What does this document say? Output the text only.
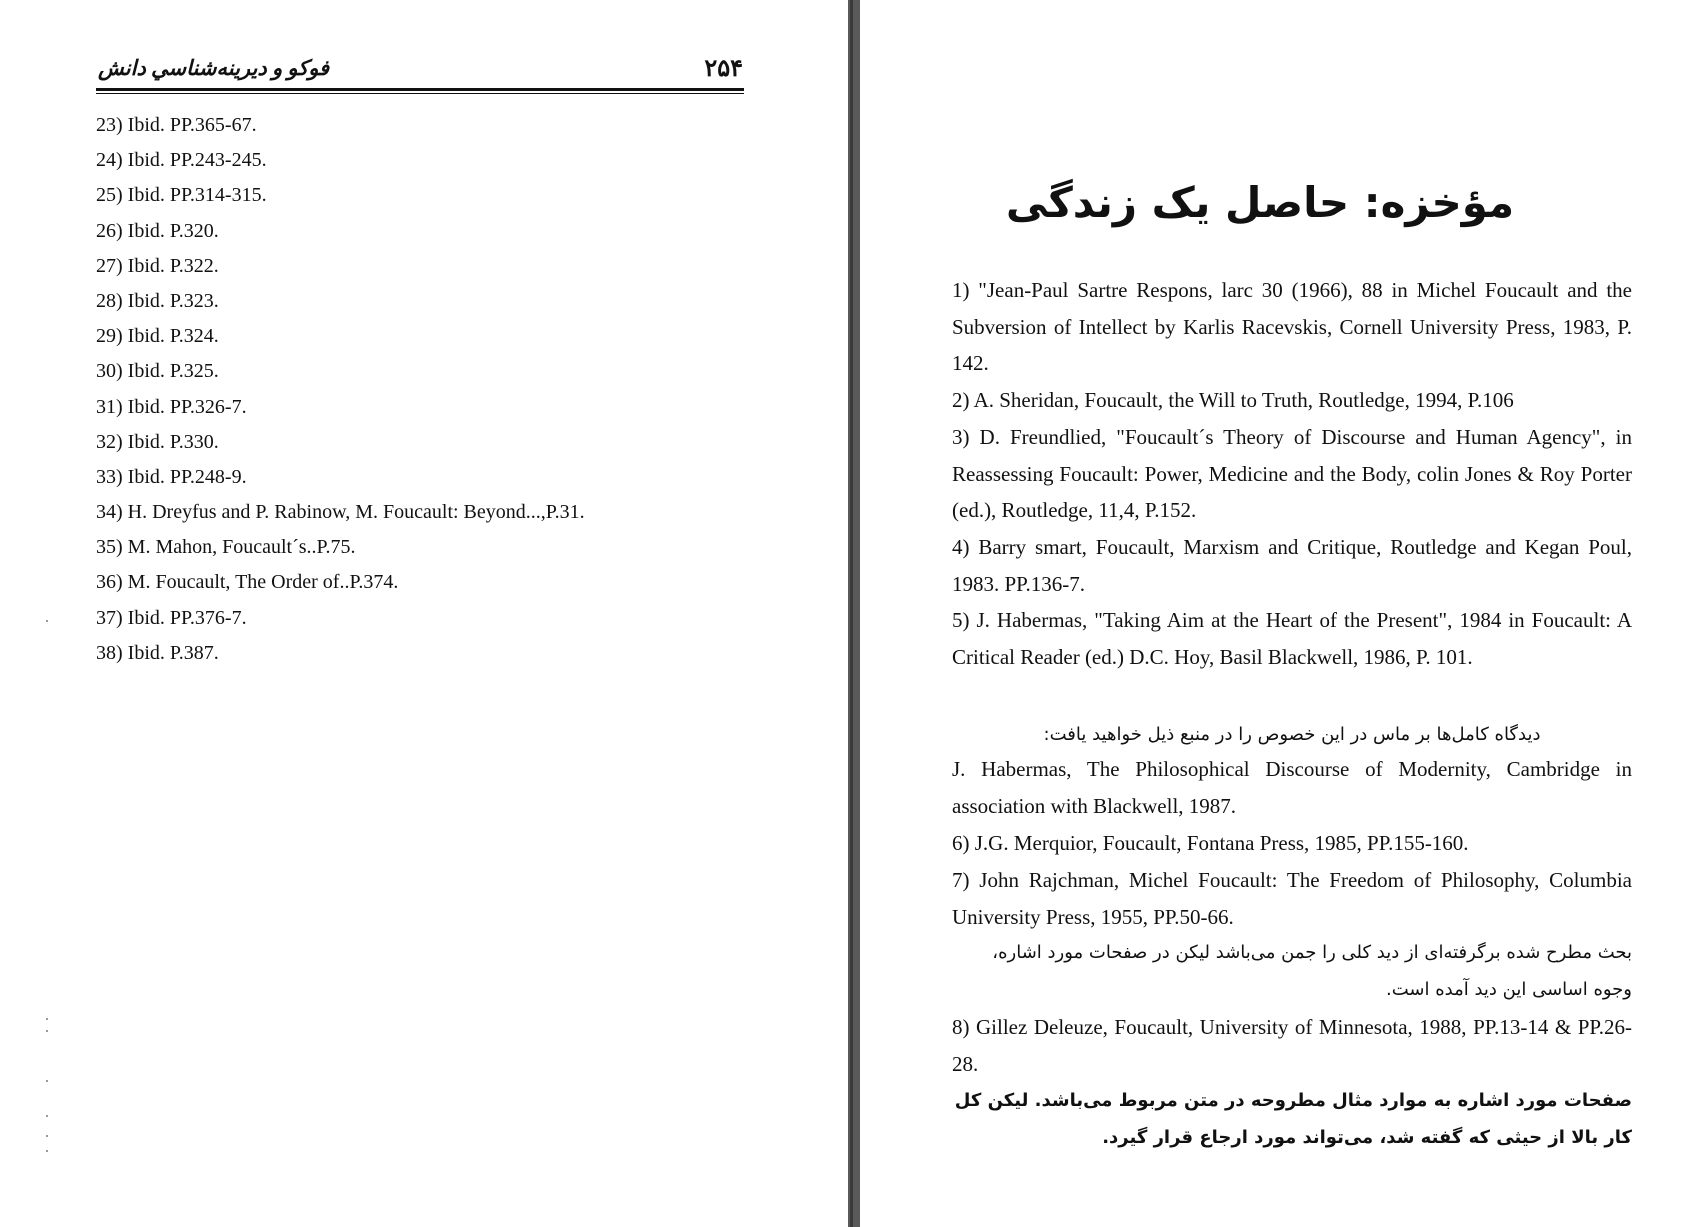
فوكو و ديرينه‌شناسي دانش	۲۵۴
23) Ibid. PP.365-67.
24) Ibid. PP.243-245.
25) Ibid. PP.314-315.
26) Ibid. P.320.
27) Ibid. P.322.
28) Ibid. P.323.
29) Ibid. P.324.
30) Ibid. P.325.
31) Ibid. PP.326-7.
32) Ibid. P.330.
33) Ibid. PP.248-9.
34) H. Dreyfus and P. Rabinow, M. Foucault: Beyond...,P.31.
35) M. Mahon, Foucault´s..P.75.
36) M. Foucault, The Order of..P.374.
37) Ibid. PP.376-7.
38) Ibid. P.387.
مؤخزه: حاصل یک زندگی
1) "Jean-Paul Sartre Respons, larc 30 (1966), 88 in Michel Foucault and the Subversion of Intellect by Karlis Racevskis, Cornell University Press, 1983, P. 142.
2) A. Sheridan, Foucault, the Will to Truth, Routledge, 1994, P.106
3) D. Freundlied, "Foucault´s Theory of Discourse and Human Agency", in Reassessing Foucault: Power, Medicine and the Body, colin Jones & Roy Porter (ed.), Routledge, 11,4, P.152.
4) Barry smart, Foucault, Marxism and Critique, Routledge and Kegan Poul, 1983. PP.136-7.
5) J. Habermas, "Taking Aim at the Heart of the Present", 1984 in Foucault: A Critical Reader (ed.) D.C. Hoy, Basil Blackwell, 1986, P. 101.
ديدگاه كامل‌ها بر ماس در اين خصوص را در منبع ذيل خواهيد يافت:
J. Habermas, The Philosophical Discourse of Modernity, Cambridge in association with Blackwell, 1987.
6) J.G. Merquior, Foucault, Fontana Press, 1985, PP.155-160.
7) John Rajchman, Michel Foucault: The Freedom of Philosophy, Columbia University Press, 1955, PP.50-66.
بحث مطرح شده برگرفته‌اى از ديد كلى را جمن مى‌باشد ليكن در صفحات مورد اشاره، وجوه اساسى اين ديد آمده است.
8) Gillez Deleuze, Foucault, University of Minnesota, 1988, PP.13-14 & PP.26-28.
صفحات مورد اشاره به موارد مثال مطروحه در متن مربوط مى‌باشد. ليكن كل كار بالا از حيثى كه گفته شد، مى‌تواند مورد ارجاع قرار گيرد.
